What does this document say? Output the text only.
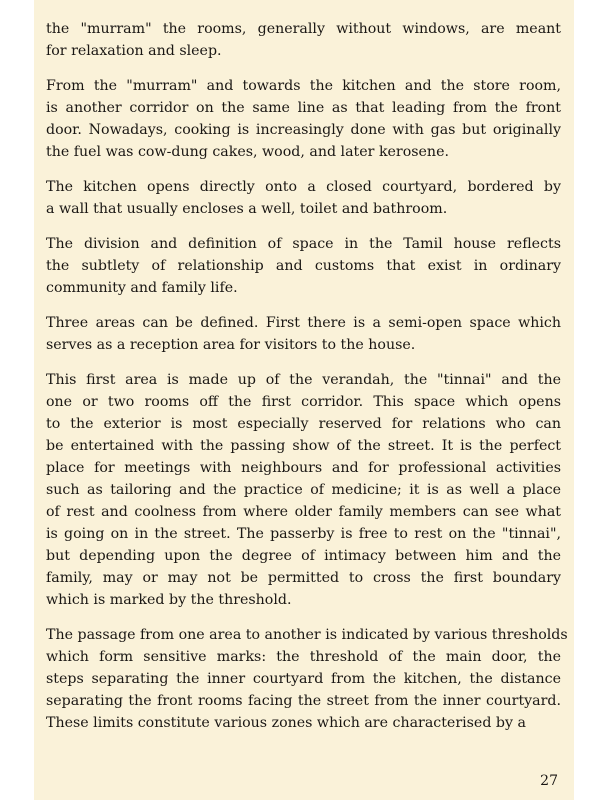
the "murram" the rooms, generally without windows, are meant
for relaxation and sleep.

From the "murram" and towards the kitchen and the store room,
is another corridor on the same line as that leading from the front
door. Nowadays, cooking is increasingly done with gas but originally
the fuel was cow-dung cakes, wood, and later kerosene.

The kitchen opens directly onto a closed courtyard, bordered by
a wall that usually encloses a well, toilet and bathroom.

The division and definition of space in the Tamil house reflects
the subtlety of relationship and customs that exist in ordinary
community and family life.

Three areas can be defined. First there is a semi-open space which
serves as a reception area for visitors to the house.

This first area is made up of the verandah, the "tinnai" and the
one or two rooms off the first corridor. This space which opens
to the exterior is most especially reserved for relations who can
be entertained with the passing show of the street. It is the perfect
place for meetings with neighbours and for professional activities
such as tailoring and the practice of medicine; it is as well a place
of rest and coolness from where older family members can see what
is going on in the street. The passerby is free to rest on the "tinnai",
but depending upon the degree of intimacy between him and the
family, may or may not be permitted to cross the first boundary
which is marked by the threshold.

The passage from one area to another is indicated by various thresholds
which form sensitive marks: the threshold of the main door, the
steps separating the inner courtyard from the kitchen, the distance
separating the front rooms facing the street from the inner courtyard.
These limits constitute various zones which are characterised by a

27
